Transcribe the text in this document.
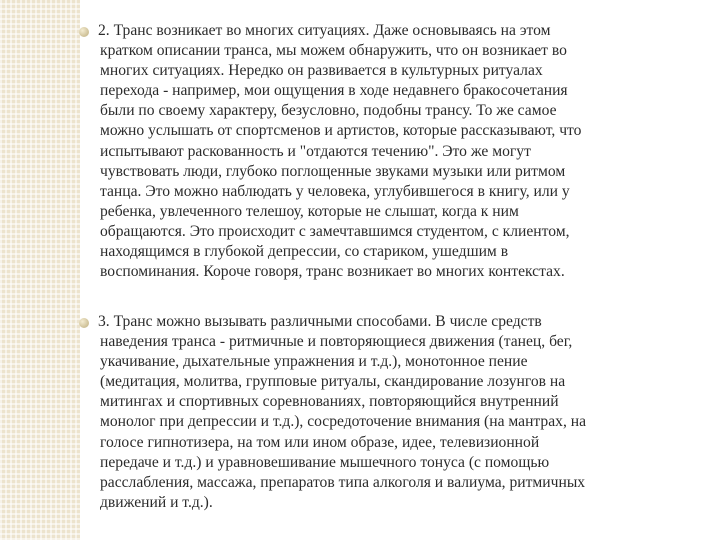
2. Транс возникает во многих ситуациях. Даже основываясь на этом
кратком описании транса, мы можем обнаружить, что он возникает во
многих ситуациях. Нередко он развивается в культурных ритуалах
перехода - например, мои ощущения в ходе недавнего бракосочетания
были по своему характеру, безусловно, подобны трансу. То же самое
можно услышать от спортсменов и артистов, которые рассказывают, что
испытывают раскованность и "отдаются течению". Это же могут
чувствовать люди, глубоко поглощенные звуками музыки или ритмом
танца. Это можно наблюдать у человека, углубившегося в книгу, или у
ребенка, увлеченного телешоу, которые не слышат, когда к ним
обращаются. Это происходит с замечтавшимся студентом, с клиентом,
находящимся в глубокой депрессии, со стариком, ушедшим в
воспоминания. Короче говоря, транс возникает во многих контекстах.
3. Транс можно вызывать различными способами. В числе средств
наведения транса - ритмичные и повторяющиеся движения (танец, бег,
укачивание, дыхательные упражнения и т.д.), монотонное пение
(медитация, молитва, групповые ритуалы, скандирование лозунгов на
митингах и спортивных соревнованиях, повторяющийся внутренний
монолог при депрессии и т.д.), сосредоточение внимания (на мантрах, на
голосе гипнотизера, на том или ином образе, идее, телевизионной
передаче и т.д.) и уравновешивание мышечного тонуса (с помощью
расслабления, массажа, препаратов типа алкоголя и валиума, ритмичных
движений и т.д.).
